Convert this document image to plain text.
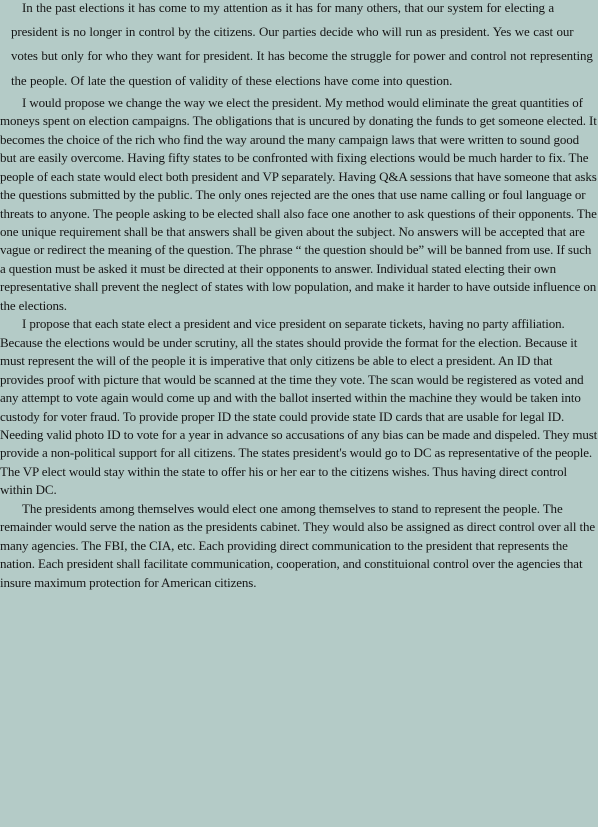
In the past elections it has come to my attention as it has for many others, that our system for electing a president is no longer in control by the citizens. Our parties decide who will run as president. Yes we cast our votes but only for who they want for president. It has become the struggle for power and control not representing the people. Of late the question of validity of these elections have come into question.

I would propose we change the way we elect the president. My method would eliminate the great quantities of moneys spent on election campaigns. The obligations that is uncured by donating the funds to get someone elected. It becomes the choice of the rich who find the way around the many campaign laws that were written to sound good but are easily overcome. Having fifty states to be confronted with fixing elections would be much harder to fix. The people of each state would elect both president and VP separately. Having Q&A sessions that have someone that asks the questions submitted by the public. The only ones rejected are the ones that use name calling or foul language or threats to anyone. The people asking to be elected shall also face one another to ask questions of their opponents. The one unique requirement shall be that answers shall be given about the subject. No answers will be accepted that are vague or redirect the meaning of the question. The phrase “ the question should be” will be banned from use. If such a question must be asked it must be directed at their opponents to answer. Individual stated electing their own representative shall prevent the neglect of states with low population, and make it harder to have outside influence on the elections.

I propose that each state elect a president and vice president on separate tickets, having no party affiliation. Because the elections would be under scrutiny, all the states should provide the format for the election. Because it must represent the will of the people it is imperative that only citizens be able to elect a president. An ID that provides proof with picture that would be scanned at the time they vote. The scan would be registered as voted and any attempt to vote again would come up and with the ballot inserted within the machine they would be taken into custody for voter fraud. To provide proper ID the state could provide state ID cards that are usable for legal ID. Needing valid photo ID to vote for a year in advance so accusations of any bias can be made and dispeled. They must provide a non-political support for all citizens. The states president's would go to DC as representative of the people. The VP elect would stay within the state to offer his or her ear to the citizens wishes. Thus having direct control within DC.

The presidents among themselves would elect one among themselves to stand to represent the people. The remainder would serve the nation as the presidents cabinet. They would also be assigned as direct control over all the many agencies. The FBI, the CIA, etc. Each providing direct communication to the president that represents the nation. Each president shall facilitate communication, cooperation, and constituional control over the agencies that insure maximum protection for American citizens.
